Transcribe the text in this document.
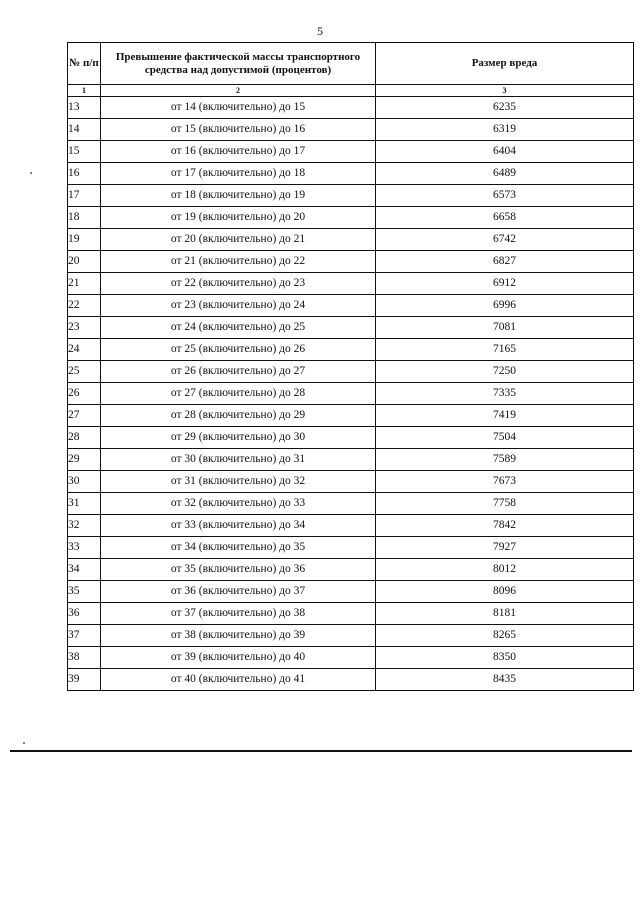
5
№ п/п	Превышение фактической массы транспортного средства над допустимой (процентов)	Размер вреда
1	2	3
13	от 14 (включительно) до 15	6235
14	от 15 (включительно) до 16	6319
15	от 16 (включительно) до 17	6404
16	от 17 (включительно) до 18	6489
17	от 18 (включительно) до 19	6573
18	от 19 (включительно) до 20	6658
19	от 20 (включительно) до 21	6742
20	от 21 (включительно) до 22	6827
21	от 22 (включительно) до 23	6912
22	от 23 (включительно) до 24	6996
23	от 24 (включительно) до 25	7081
24	от 25 (включительно) до 26	7165
25	от 26 (включительно) до 27	7250
26	от 27 (включительно) до 28	7335
27	от 28 (включительно) до 29	7419
28	от 29 (включительно) до 30	7504
29	от 30 (включительно) до 31	7589
30	от 31 (включительно) до 32	7673
31	от 32 (включительно) до 33	7758
32	от 33 (включительно) до 34	7842
33	от 34 (включительно) до 35	7927
34	от 35 (включительно) до 36	8012
35	от 36 (включительно) до 37	8096
36	от 37 (включительно) до 38	8181
37	от 38 (включительно) до 39	8265
38	от 39 (включительно) до 40	8350
39	от 40 (включительно) до 41	8435
